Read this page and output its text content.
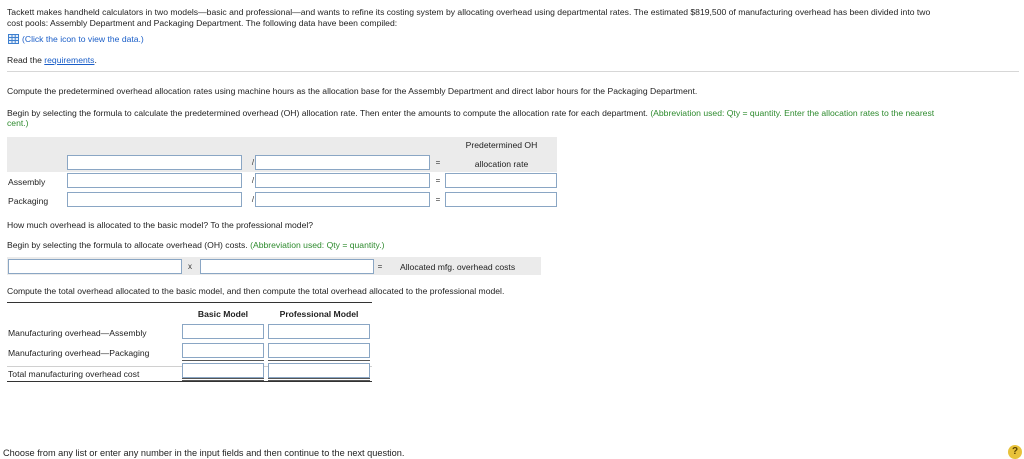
Tackett makes handheld calculators in two models—basic and professional—and wants to refine its costing system by allocating overhead using departmental rates. The estimated $819,500 of manufacturing overhead has been divided into two
cost pools: Assembly Department and Packaging Department. The following data have been compiled:
(Click the icon to view the data.)
Read the requirements.
Compute the predetermined overhead allocation rates using machine hours as the allocation base for the Assembly Department and direct labor hours for the Packaging Department.
Begin by selecting the formula to calculate the predetermined overhead (OH) allocation rate. Then enter the amounts to compute the allocation rate for each department. (Abbreviation used: Qty = quantity. Enter the allocation rates to the nearest
cent.)
Predetermined OH
allocation rate
/	=
Assembly	/	=
Packaging	/	=
How much overhead is allocated to the basic model? To the professional model?
Begin by selecting the formula to allocate overhead (OH) costs. (Abbreviation used: Qty = quantity.)
x	=	Allocated mfg. overhead costs
Compute the total overhead allocated to the basic model, and then compute the total overhead allocated to the professional model.
Basic Model	Professional Model
Manufacturing overhead—Assembly
Manufacturing overhead—Packaging
Total manufacturing overhead cost
Choose from any list or enter any number in the input fields and then continue to the next question.	?
